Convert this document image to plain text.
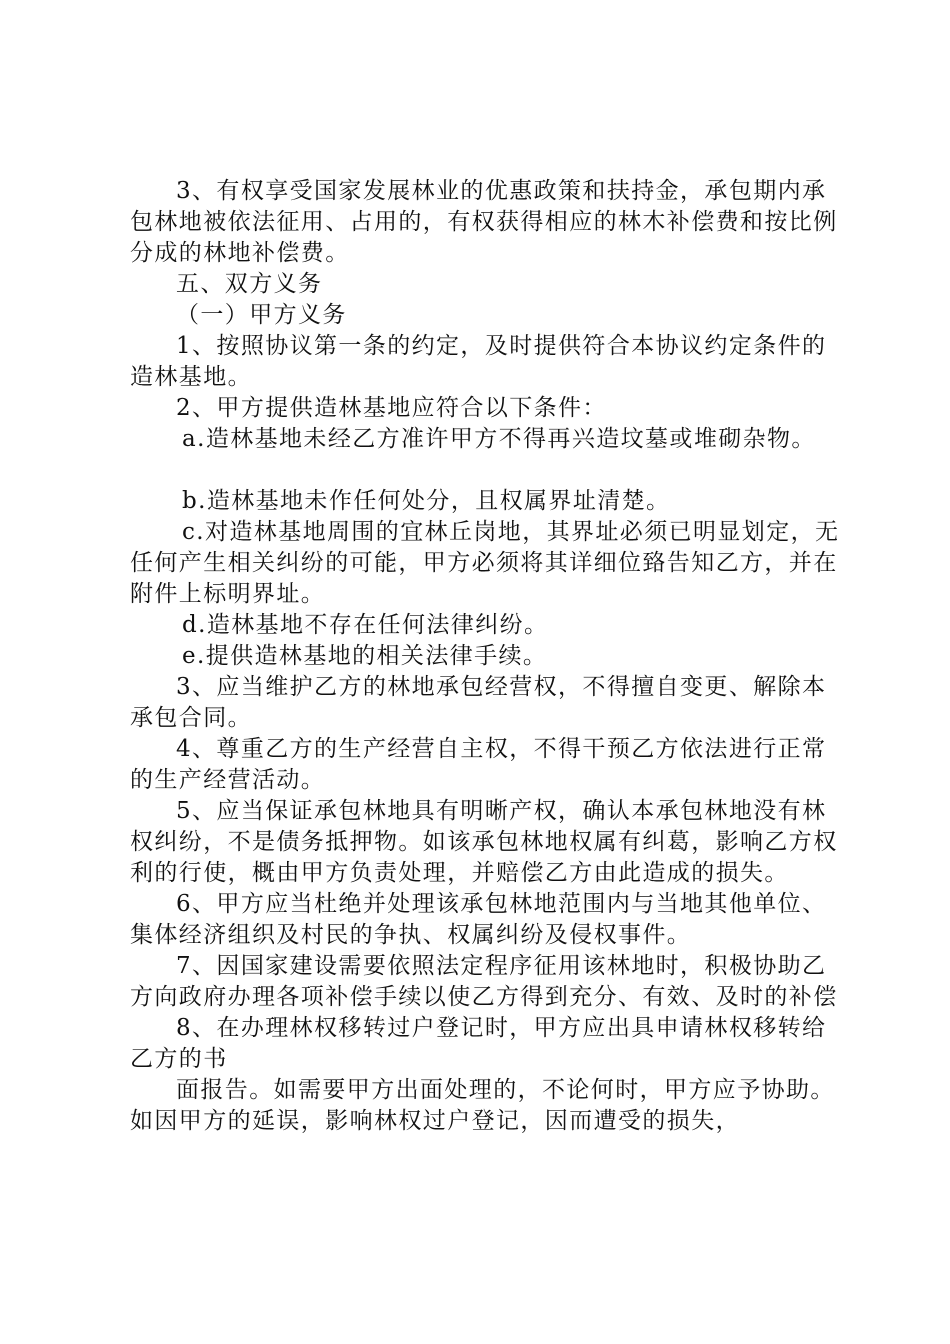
3、有权享受国家发展林业的优惠政策和扶持金，承包期内承包林地被依法征用、占用的，有权获得相应的林木补偿费和按比例分成的林地补偿费。

五、双方义务

（一）甲方义务

1、按照协议第一条的约定，及时提供符合本协议约定条件的造林基地。

2、甲方提供造林基地应符合以下条件：

a.造林基地未经乙方准许甲方不得再兴造坟墓或堆砌杂物。

b.造林基地未作任何处分，且权属界址清楚。

c.对造林基地周围的宜林丘岗地，其界址必须已明显划定，无任何产生相关纠纷的可能，甲方必须将其详细位臵告知乙方，并在附件上标明界址。

d.造林基地不存在任何法律纠纷。

e.提供造林基地的相关法律手续。

3、应当维护乙方的林地承包经营权，不得擅自变更、解除本承包合同。

4、尊重乙方的生产经营自主权，不得干预乙方依法进行正常的生产经营活动。

5、应当保证承包林地具有明晰产权，确认本承包林地没有林权纠纷，不是债务抵押物。如该承包林地权属有纠葛，影响乙方权利的行使，概由甲方负责处理，并赔偿乙方由此造成的损失。

6、甲方应当杜绝并处理该承包林地范围内与当地其他单位、集体经济组织及村民的争执、权属纠纷及侵权事件。

7、因国家建设需要依照法定程序征用该林地时，积极协助乙方向政府办理各项补偿手续以使乙方得到充分、有效、及时的补偿

8、在办理林权移转过户登记时，甲方应出具申请林权移转给乙方的书

面报告。如需要甲方出面处理的，不论何时，甲方应予协助。如因甲方的延误，影响林权过户登记，因而遭受的损失，
